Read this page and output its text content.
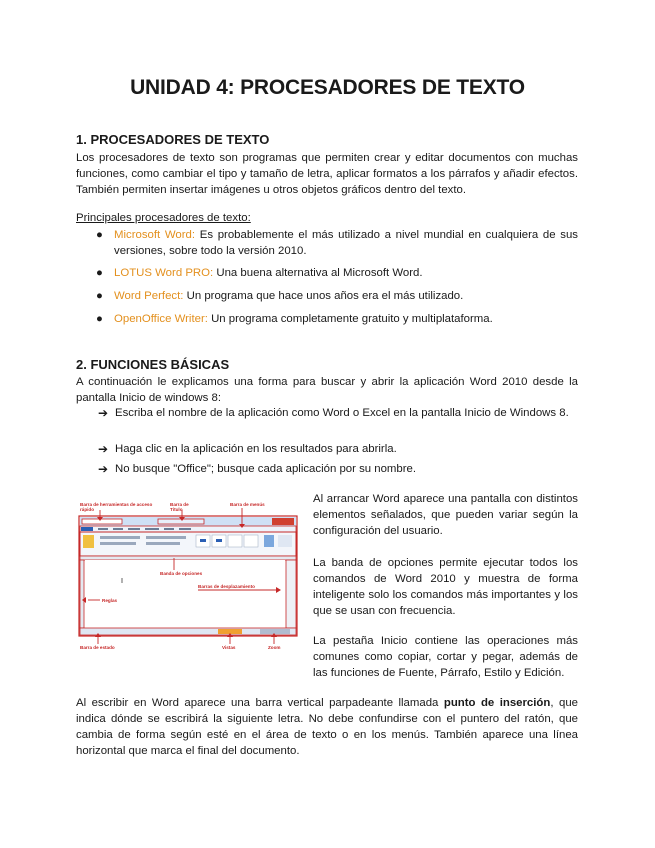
UNIDAD 4: PROCESADORES DE TEXTO
1. PROCESADORES DE TEXTO

Los procesadores de texto son programas que permiten crear y editar documentos con muchas funciones, como cambiar el tipo y tamaño de letra, aplicar formatos a los párrafos y añadir efectos. También permiten insertar imágenes u otros objetos gráficos dentro del texto.

Principales procesadores de texto:
● Microsoft Word: Es probablemente el más utilizado a nivel mundial en cualquiera de sus versiones, sobre todo la versión 2010.
● LOTUS Word PRO: Una buena alternativa al Microsoft Word.
● Word Perfect: Un programa que hace unos años era el más utilizado.
● OpenOffice Writer: Un programa completamente gratuito y multiplataforma.
2. FUNCIONES BÁSICAS

A continuación le explicamos una forma para buscar y abrir la aplicación Word 2010 desde la pantalla Inicio de windows 8:

➔ Escriba el nombre de la aplicación como Word o Excel en la pantalla Inicio de Windows 8.
➔ Haga clic en la aplicación en los resultados para abrirla.
➔ No busque "Office"; busque cada aplicación por su nombre.
Barra de herramientas de acceso rápido
Barra de Título
Barra de menús
Banda de opciones
Reglas
Barras de desplazamiento
Barra de estado	Vistas	Zoom

Al arrancar Word aparece una pantalla con distintos elementos señalados, que pueden variar según la configuración del usuario.

La banda de opciones permite ejecutar todos los comandos de Word 2010 y muestra de forma inteligente solo los comandos más importantes y los que se usan con frecuencia.

La pestaña Inicio contiene las operaciones más comunes como copiar, cortar y pegar, además de las funciones de Fuente, Párrafo, Estilo y Edición.

Al escribir en Word aparece una barra vertical parpadeante llamada punto de inserción, que indica dónde se escribirá la siguiente letra. No debe confundirse con el puntero del ratón, que cambia de forma según esté en el área de texto o en los menús. También aparece una línea horizontal que marca el final del documento.
